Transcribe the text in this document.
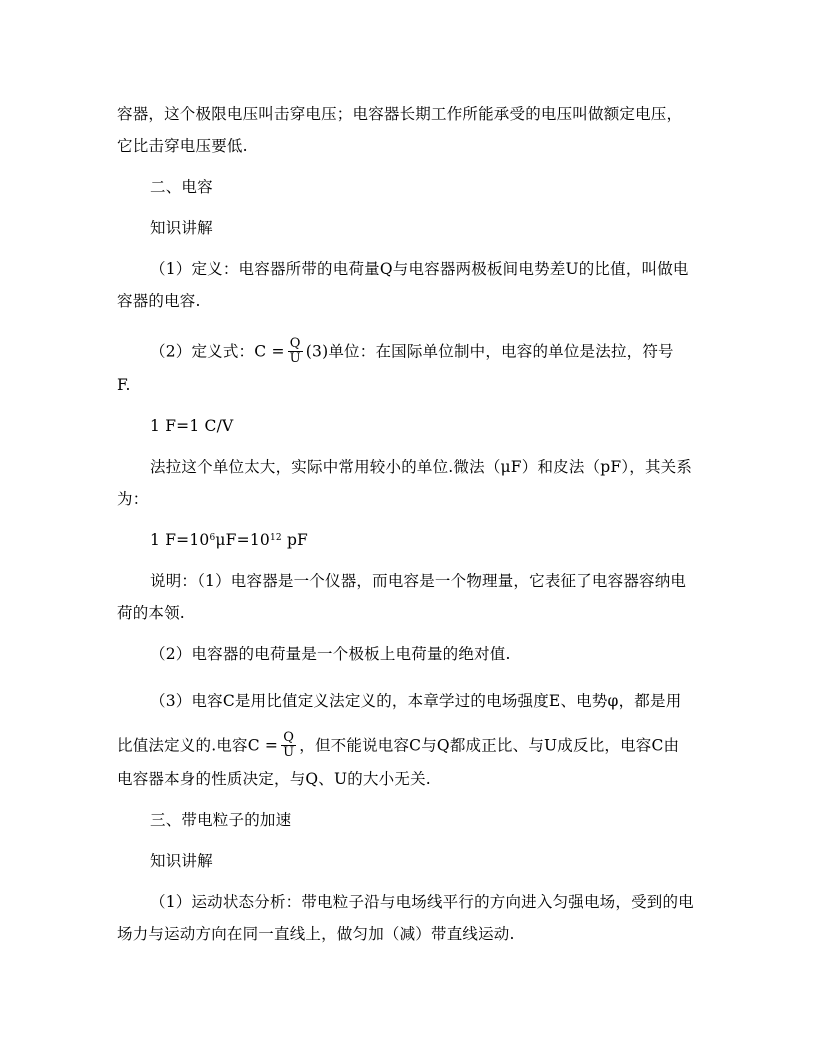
容器，这个极限电压叫击穿电压；电容器长期工作所能承受的电压叫做额定电压，
它比击穿电压要低.
二、电容
知识讲解
（1）定义：电容器所带的电荷量Q与电容器两极板间电势差U的比值，叫做电
容器的电容.
（2）定义式：$C = \frac{Q}{U} (3)$单位：在国际单位制中，电容的单位是法拉，符号
F.
1 F=1 C/V
法拉这个单位太大，实际中常用较小的单位.微法（μF）和皮法（pF），其关系
为：
1 $F=10^6\mu F=10^{12}$ pF
说明：（1）电容器是一个仪器，而电容是一个物理量，它表征了电容器容纳电
荷的本领.
（2）电容器的电荷量是一个极板上电荷量的绝对值.
（3）电容C是用比值定义法定义的，本章学过的电场强度E、电势φ，都是用
比值法定义的.电容$C = \frac{Q}{U}$ ，但不能说电容C与Q都成正比、与U成反比，电容C由
电容器本身的性质决定，与Q、U的大小无关.
三、带电粒子的加速
知识讲解
（1）运动状态分析：带电粒子沿与电场线平行的方向进入匀强电场，受到的电
场力与运动方向在同一直线上，做匀加（减）带直线运动.
